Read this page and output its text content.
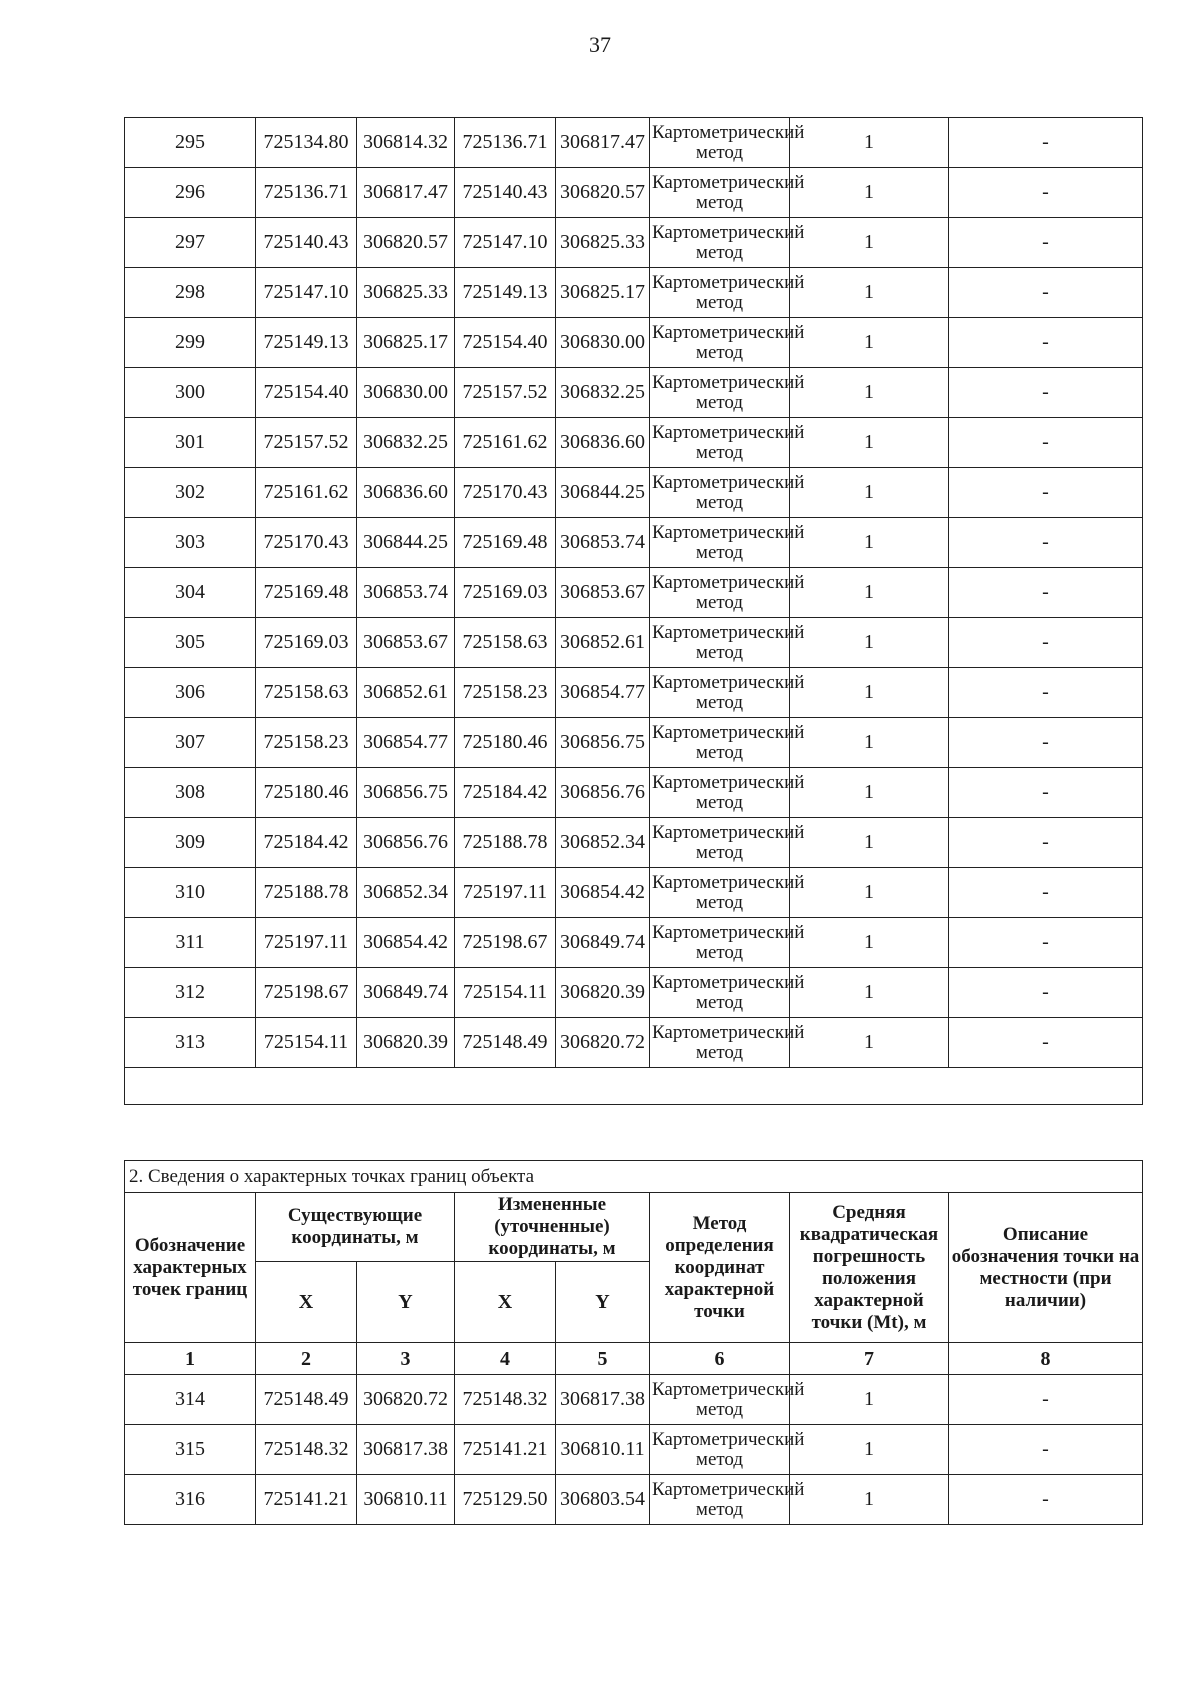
37
295	725134.80	306814.32	725136.71	306817.47	Картометрический метод	1	-
296	725136.71	306817.47	725140.43	306820.57	Картометрический метод	1	-
297	725140.43	306820.57	725147.10	306825.33	Картометрический метод	1	-
298	725147.10	306825.33	725149.13	306825.17	Картометрический метод	1	-
299	725149.13	306825.17	725154.40	306830.00	Картометрический метод	1	-
300	725154.40	306830.00	725157.52	306832.25	Картометрический метод	1	-
301	725157.52	306832.25	725161.62	306836.60	Картометрический метод	1	-
302	725161.62	306836.60	725170.43	306844.25	Картометрический метод	1	-
303	725170.43	306844.25	725169.48	306853.74	Картометрический метод	1	-
304	725169.48	306853.74	725169.03	306853.67	Картометрический метод	1	-
305	725169.03	306853.67	725158.63	306852.61	Картометрический метод	1	-
306	725158.63	306852.61	725158.23	306854.77	Картометрический метод	1	-
307	725158.23	306854.77	725180.46	306856.75	Картометрический метод	1	-
308	725180.46	306856.75	725184.42	306856.76	Картометрический метод	1	-
309	725184.42	306856.76	725188.78	306852.34	Картометрический метод	1	-
310	725188.78	306852.34	725197.11	306854.42	Картометрический метод	1	-
311	725197.11	306854.42	725198.67	306849.74	Картометрический метод	1	-
312	725198.67	306849.74	725154.11	306820.39	Картометрический метод	1	-
313	725154.11	306820.39	725148.49	306820.72	Картометрический метод	1	-

2. Сведения о характерных точках границ объекта							
Обозначение характерных точек границ	Существующие координаты, м		Измененные (уточненные) координаты, м		Метод определения координат характерной точки	Средняя квадратическая погрешность положения характерной точки (Mt), м	Описание обозначения точки на местности (при наличии)
	X	Y	X	Y			
1	2	3	4	5	6	7	8
314	725148.49	306820.72	725148.32	306817.38	Картометрический метод	1	-
315	725148.32	306817.38	725141.21	306810.11	Картометрический метод	1	-
316	725141.21	306810.11	725129.50	306803.54	Картометрический метод	1	-
